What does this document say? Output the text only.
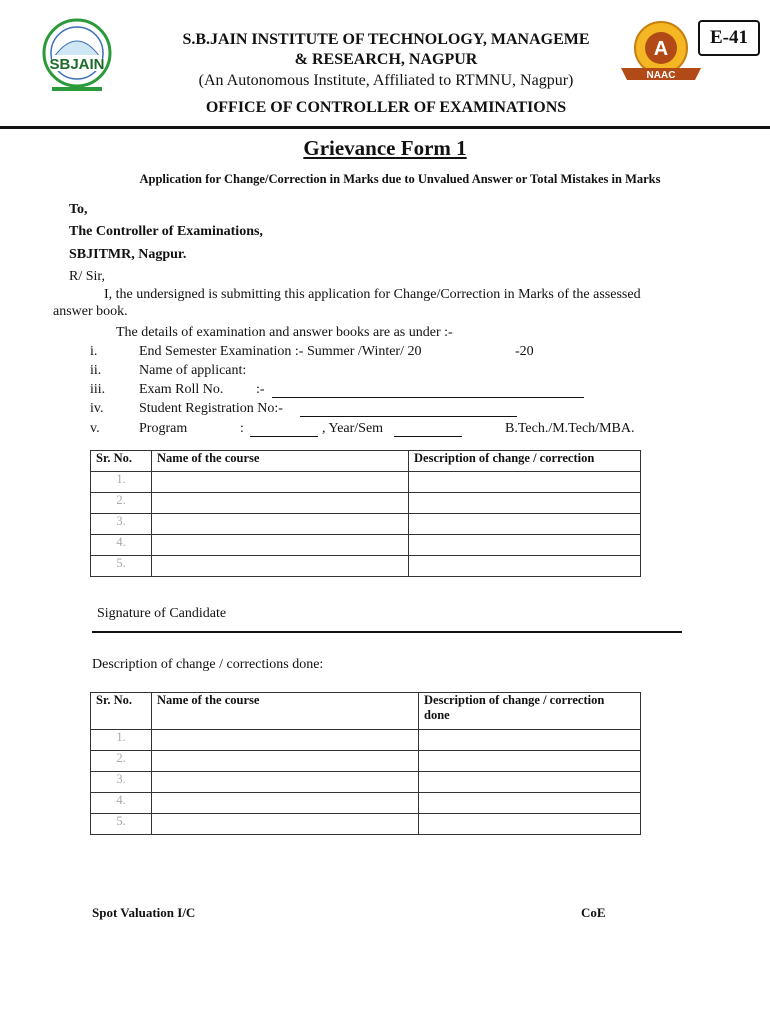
SBJAIN
S.B.JAIN INSTITUTE OF TECHNOLOGY, MANAGEME
& RESEARCH, NAGPUR
(An Autonomous Institute, Affiliated to RTMNU, Nagpur)
OFFICE OF CONTROLLER OF EXAMINATIONS
A
NAAC
E-41
Grievance Form 1
Application for Change/Correction in Marks due to Unvalued Answer or Total Mistakes in Marks
To,
The Controller of Examinations,
SBJITMR, Nagpur.
R/ Sir,
I, the undersigned is submitting this application for Change/Correction in Marks of the assessed
answer book.
The details of examination and answer books are as under :-
i.	End Semester Examination :- Summer /Winter/ 20	-20
ii.	Name of applicant:
iii. Exam Roll No. :-
iv.	Student Registration No:-
v.	Program	:	, Year/Sem	B.Tech./M.Tech/MBA.
Sr. No.	Name of the course	Description of change / correction
1.		
2.		
3.		
4.		
5.		
Signature of Candidate
Description of change / corrections done:
Sr. No.	Name of the course	Description of change / correction
done

1.		
2.		
3.		
4.		
5.		
Spot Valuation I/C	CoE
